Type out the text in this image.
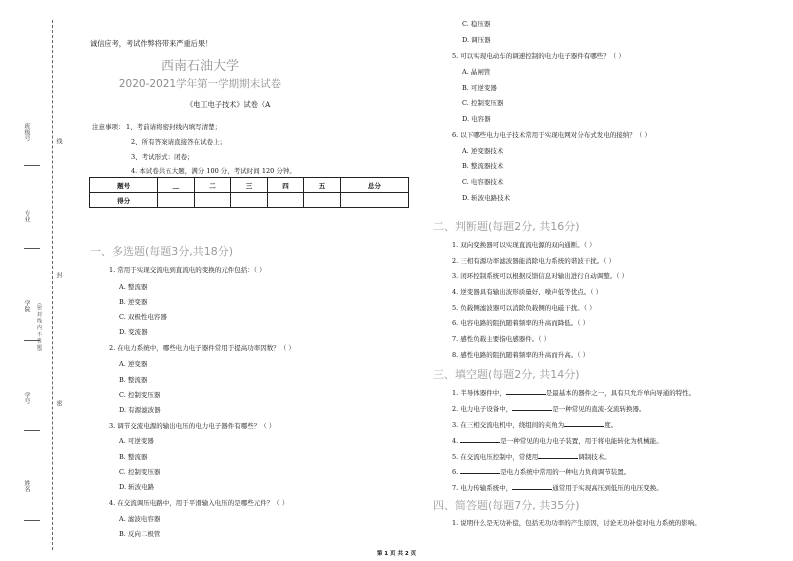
班级号
专业
学院
学号
姓名
（密 封 线 内 不 答 题）
线
封
密
诚信应考，考试作弊将带来严重后果！
西南石油大学
2020-2021学年第一学期期末试卷
《电工电子技术》试卷（A
注意事项： 1、考前请将密封线内填写清楚；
2、所有答案请直接答在试卷上；
3、考试形式：闭卷；
4. 本试卷共五大题，满分 100 分，考试时间 120 分钟。
题号	__	二	三	四	五	总分
得分						
一、多选题(每题3分,共18分)
1. 常用于实现交流电到直流电的变换的元件包括：（ ）
A. 整流器
B. 逆变器
C. 双极性电容器
D. 变流器
2. 在电力系统中，哪些电力电子器件常用于提高功率因数？（ ）
A. 逆变器
B. 整流器
C. 控制变压器
D. 有源滤波器
3. 调节交流电源的输出电压的电力电子器件有哪些？（ ）
A. 可逆变器
B. 整流器
C. 控制变压器
D. 斩波电路
4. 在交流调压电路中，用于平滑输入电压的是哪些元件？（ ）
A. 滤波电容器
B. 反向二极管
C. 稳压器
D. 调压器
5. 可以实现电动车的调速控制的电力电子器件有哪些？（ ）
A. 晶闸管
B. 可逆变器
C. 控制变压器
D. 电容器
6. 以下哪些电力电子技术常用于实现电网对分布式发电的接纳？（ ）
A. 逆变器技术
B. 整流器技术
C. 电容器技术
D. 斩波电路技术
二、判断题(每题2分, 共16分)
1. 双向变换器可以实现直流电源的双向通断。（ ）
2. 三相有源功率滤波器能消除电力系统的谐波干扰。（ ）
3. 闭环控制系统可以根据反馈信息对输出进行自动调整。（ ）
4. 逆变器具有输出波形质量好、噪声低等优点。（ ）
5. 负载侧滤波器可以消除负载侧的电磁干扰。（ ）
6. 电容电路的阻抗随着频率的升高而降低。（ ）
7. 感性负载主要指电感器件。（ ）
8. 感性电路的阻抗随着频率的升高而升高。（ ）
三、填空题(每题2分, 共14分)
1. 半导体器件中，	是最基本的器件之一，具有只允许单向导通的特性。
2. 电力电子设备中，	是一种常见的直流-交流转换器。
3. 在三相交流电机中，绕组间的夹角为	度。
4.	是一种常见的电力电子装置，用于将电能转化为机械能。
5. 在交流电压控制中，常使用	调制技术。
6.	是电力系统中常用的一种电力负荷调节装置。
7. 电力传输系统中，	通常用于实现高压到低压的电压变换。
四、简答题(每题7分, 共35分)
1. 说明什么是无功补偿，包括无功功率的产生原因，讨论无功补偿对电力系统的影响。
第 1 页 共 2 页
